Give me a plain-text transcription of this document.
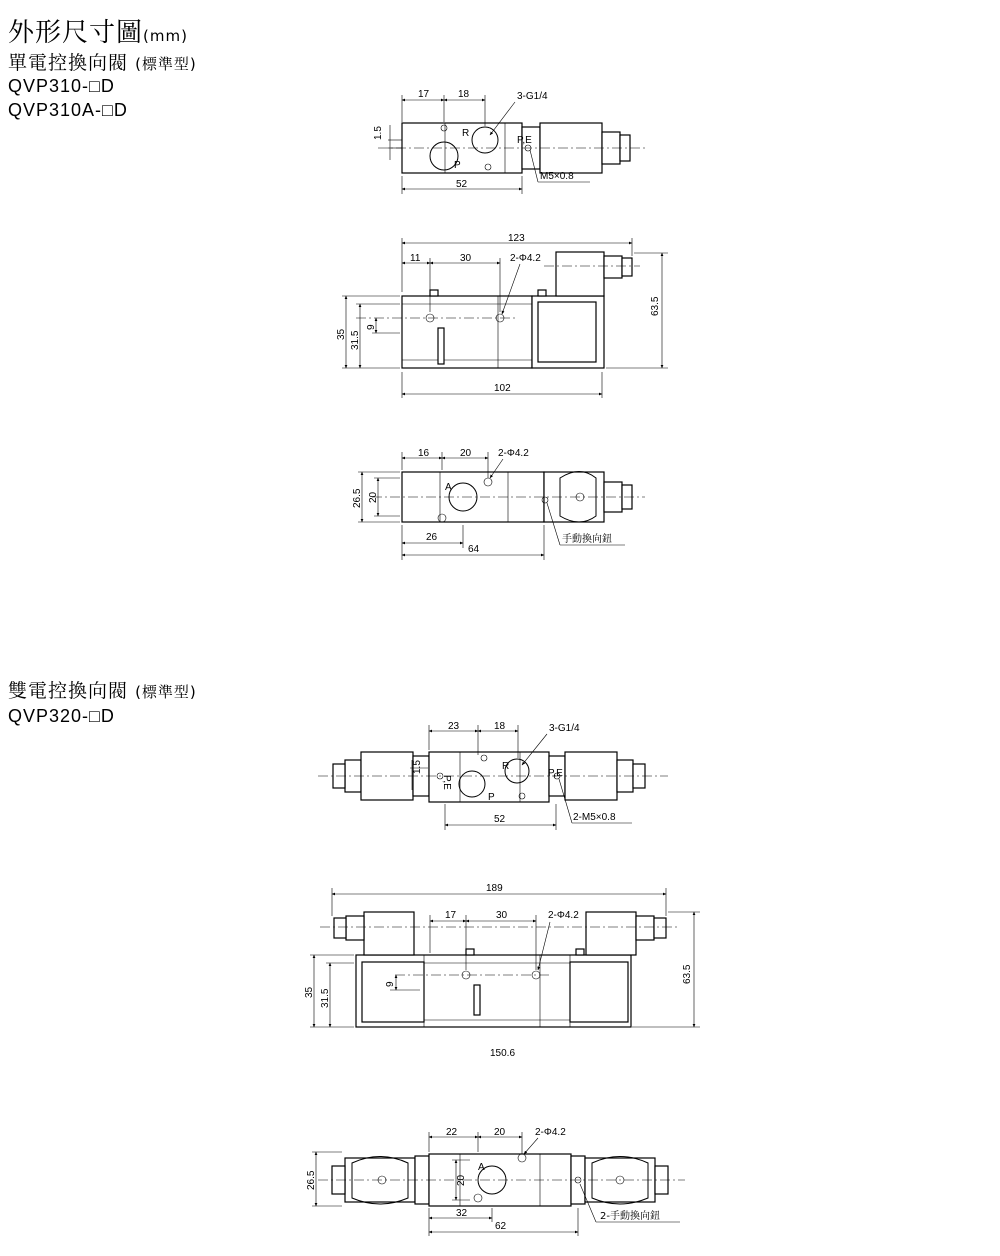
外形尺寸圖(mm)
單電控換向閥 (標準型)
QVP310-□D
QVP310A-□D
雙電控換向閥 (標準型)
QVP320-□D
17	18	3-G1/4
1.5	R
P,E
P
52
M5×0.8
123
11	30	2-Φ4.2
63.5
35 31.5
9
102
16	20	2-Φ4.2
A
26.5 20
26
64
手動換向鈕
23	18	3-G1/4
1.5
P,E
R
P,E
P
52	2-M5×0.8
189
17	30	2-Φ4.2
63.5
35 31.5
9
150.6
22	20	2-Φ4.2
A
26.5	20
32
62
2-手動換向鈕
